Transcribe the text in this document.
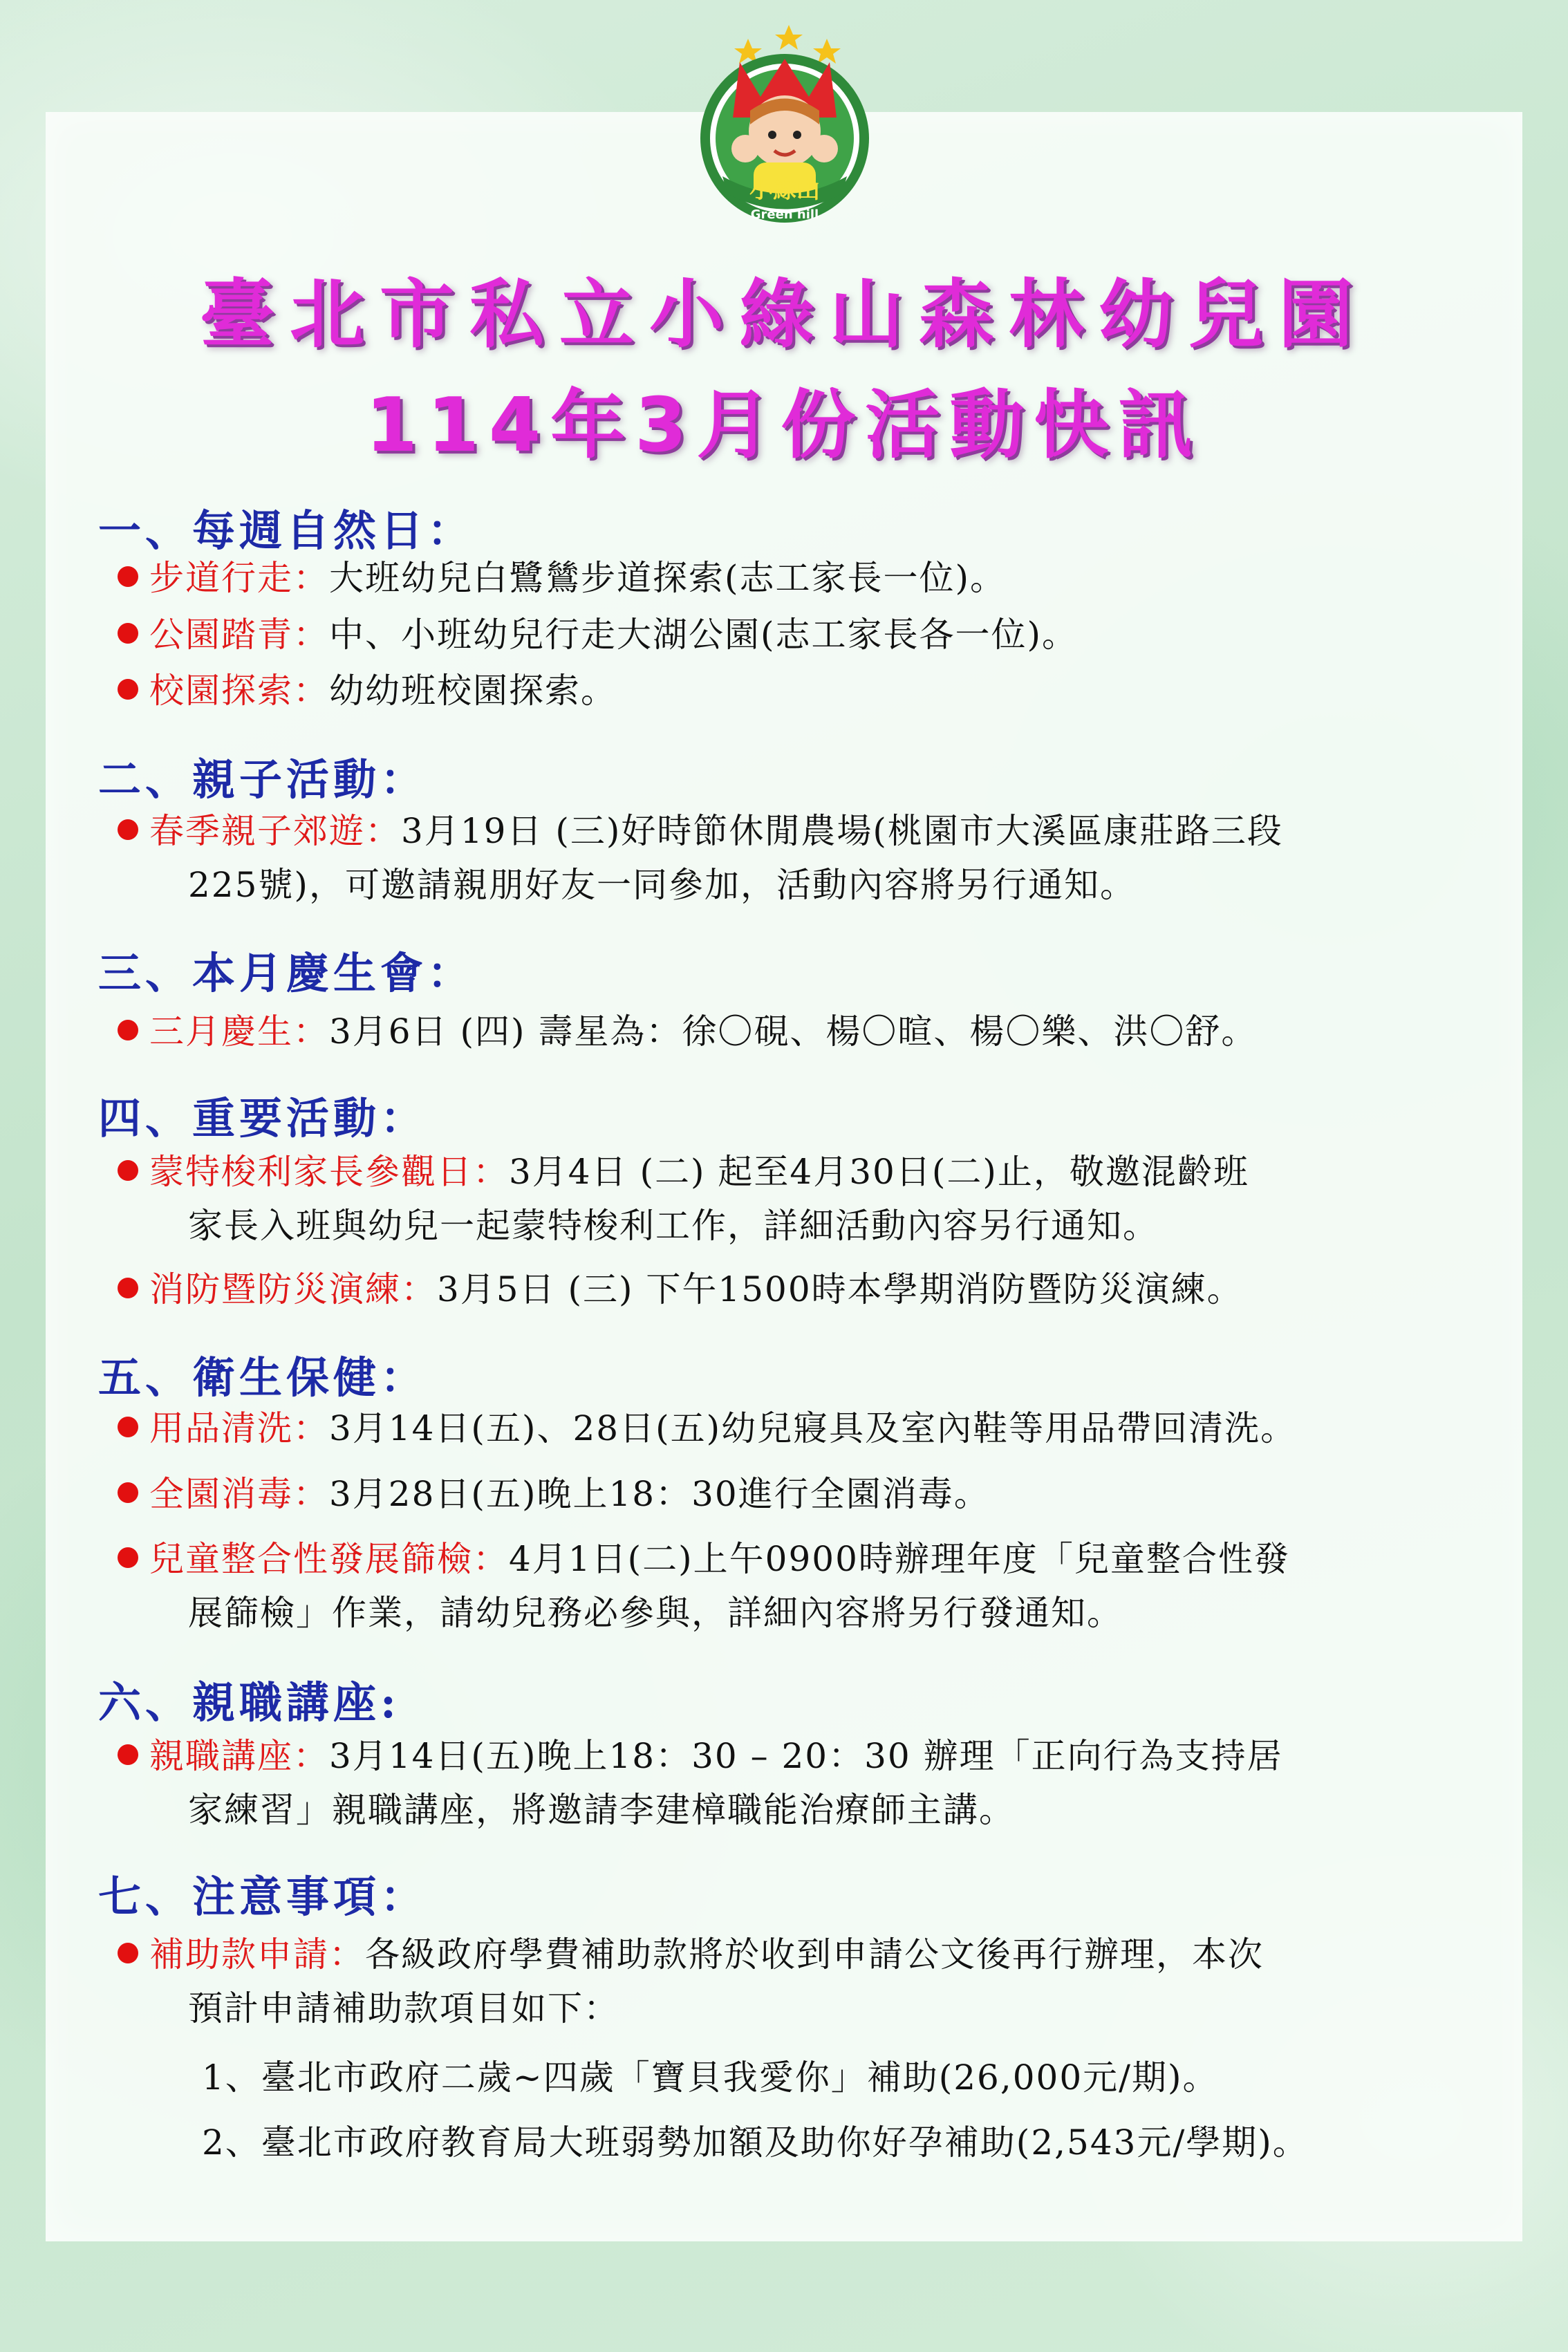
小綠山
Green hill
臺北市私立小綠山森林幼兒園
114年3月份活動快訊
一、每週自然日：
步道行走：大班幼兒白鷺鷥步道探索(志工家長一位)。
公園踏青：中、小班幼兒行走大湖公園(志工家長各一位)。
校園探索：幼幼班校園探索。
二、親子活動：
春季親子郊遊：3月19日 (三)好時節休閒農場(桃園市大溪區康莊路三段
225號)，可邀請親朋好友一同參加，活動內容將另行通知。
三、本月慶生會：
三月慶生：3月6日 (四) 壽星為：徐〇硯、楊〇暄、楊〇樂、洪〇舒。
四、重要活動：
蒙特梭利家長參觀日：3月4日 (二) 起至4月30日(二)止，敬邀混齡班
家長入班與幼兒一起蒙特梭利工作，詳細活動內容另行通知。
消防暨防災演練：3月5日 (三) 下午1500時本學期消防暨防災演練。
五、衛生保健：
用品清洗：3月14日(五)、28日(五)幼兒寢具及室內鞋等用品帶回清洗。
全園消毒：3月28日(五)晚上18：30進行全園消毒。
兒童整合性發展篩檢：4月1日(二)上午0900時辦理年度「兒童整合性發
展篩檢」作業，請幼兒務必參與，詳細內容將另行發通知。
六、親職講座:
親職講座：3月14日(五)晚上18：30 – 20：30 辦理「正向行為支持居
家練習」親職講座，將邀請李建樟職能治療師主講。
七、注意事項：
補助款申請：各級政府學費補助款將於收到申請公文後再行辦理，本次
預計申請補助款項目如下：
1、臺北市政府二歲~四歲「寶貝我愛你」補助(26,000元/期)。
2、臺北市政府教育局大班弱勢加額及助你好孕補助(2,543元/學期)。
